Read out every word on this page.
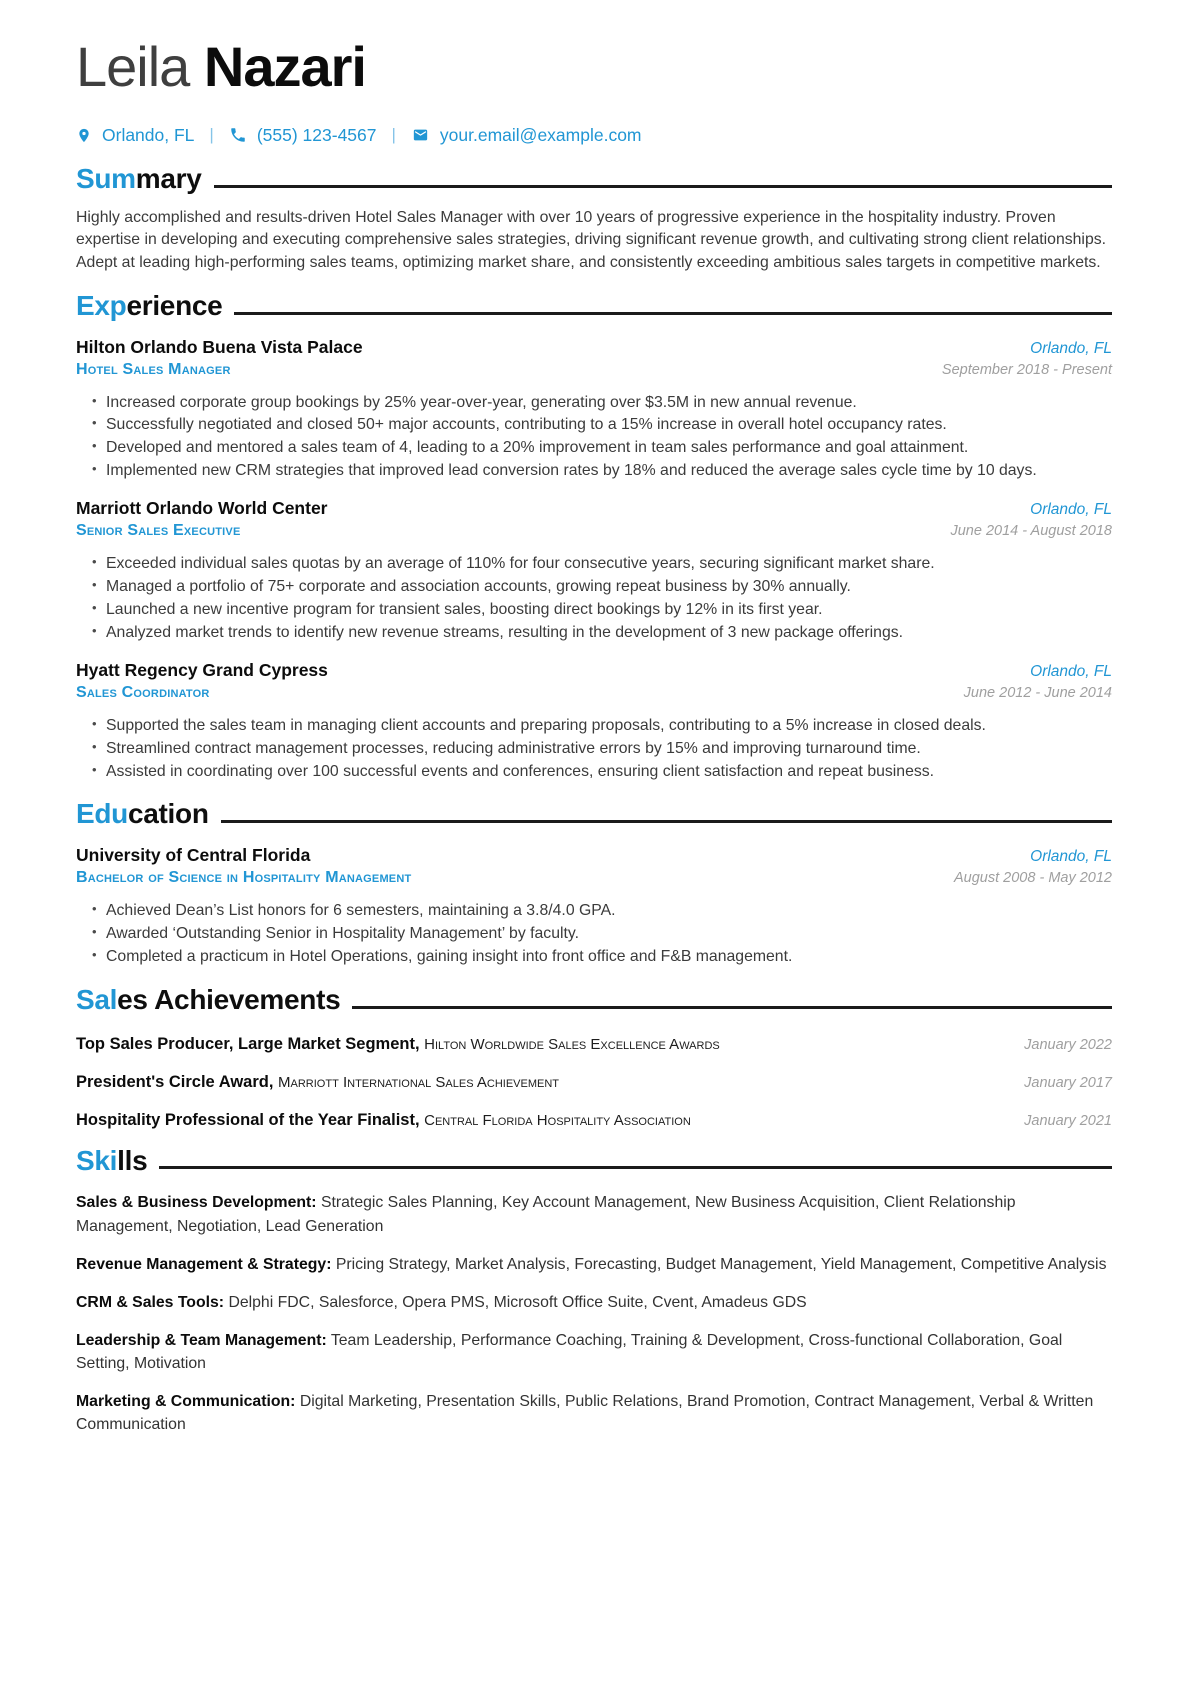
Leila Nazari
Orlando, FL | (555) 123-4567 |	your.email@example.com
Sum mary

Highly accomplished and results-driven Hotel Sales Manager with over 10 years of progressive experience in the hospitality industry. Proven expertise in developing and executing comprehensive sales strategies, driving significant revenue growth, and cultivating strong client relationships. Adept at leading high-performing sales teams, optimizing market share, and consistently exceeding ambitious sales targets in competitive markets.

Exp erience
Hilton Orlando Buena Vista Palace	Orlando, FL
Hotel Sales Manager	September 2018 - Present
• Increased corporate group bookings by 25% year-over-year, generating over $3.5M in new annual revenue.
• Successfully negotiated and closed 50+ major accounts, contributing to a 15% increase in overall hotel occupancy rates.
• Developed and mentored a sales team of 4, leading to a 20% improvement in team sales performance and goal attainment.
• Implemented new CRM strategies that improved lead conversion rates by 18% and reduced the average sales cycle time by 10 days.
Marriott Orlando World Center	Orlando, FL
Senior Sales Executive	June 2014 - August 2018
• Exceeded individual sales quotas by an average of 110% for four consecutive years, securing significant market share.
• Managed a portfolio of 75+ corporate and association accounts, growing repeat business by 30% annually.
• Launched a new incentive program for transient sales, boosting direct bookings by 12% in its first year.
• Analyzed market trends to identify new revenue streams, resulting in the development of 3 new package offerings.
Hyatt Regency Grand Cypress	Orlando, FL
Sales Coordinator	June 2012 - June 2014
• Supported the sales team in managing client accounts and preparing proposals, contributing to a 5% increase in closed deals.
• Streamlined contract management processes, reducing administrative errors by 15% and improving turnaround time.
• Assisted in coordinating over 100 successful events and conferences, ensuring client satisfaction and repeat business.
Edu cation
University of Central Florida	Orlando, FL
Bachelor of Science in Hospitality Management	August 2008 - May 2012
• Achieved Dean’s List honors for 6 semesters, maintaining a 3.8/4.0 GPA.
• Awarded ‘Outstanding Senior in Hospitality Management’ by faculty.
• Completed a practicum in Hotel Operations, gaining insight into front office and F&B management.
Sal es Achievements
Top Sales Producer, Large Market Segment, Hilton Worldwide Sales Excellence Awards	January 2022
President's Circle Award, Marriott International Sales Achievement	January 2017
Hospitality Professional of the Year Finalist, Central Florida Hospitality Association	January 2021
Ski lls

Sales & Business Development: Strategic Sales Planning, Key Account Management, New Business Acquisition, Client Relationship Management, Negotiation, Lead Generation

Revenue Management & Strategy: Pricing Strategy, Market Analysis, Forecasting, Budget Management, Yield Management, Competitive Analysis

CRM & Sales Tools: Delphi FDC, Salesforce, Opera PMS, Microsoft Office Suite, Cvent, Amadeus GDS

Leadership & Team Management: Team Leadership, Performance Coaching, Training & Development, Cross-functional Collaboration, Goal Setting, Motivation

Marketing & Communication: Digital Marketing, Presentation Skills, Public Relations, Brand Promotion, Contract Management, Verbal & Written Communication
